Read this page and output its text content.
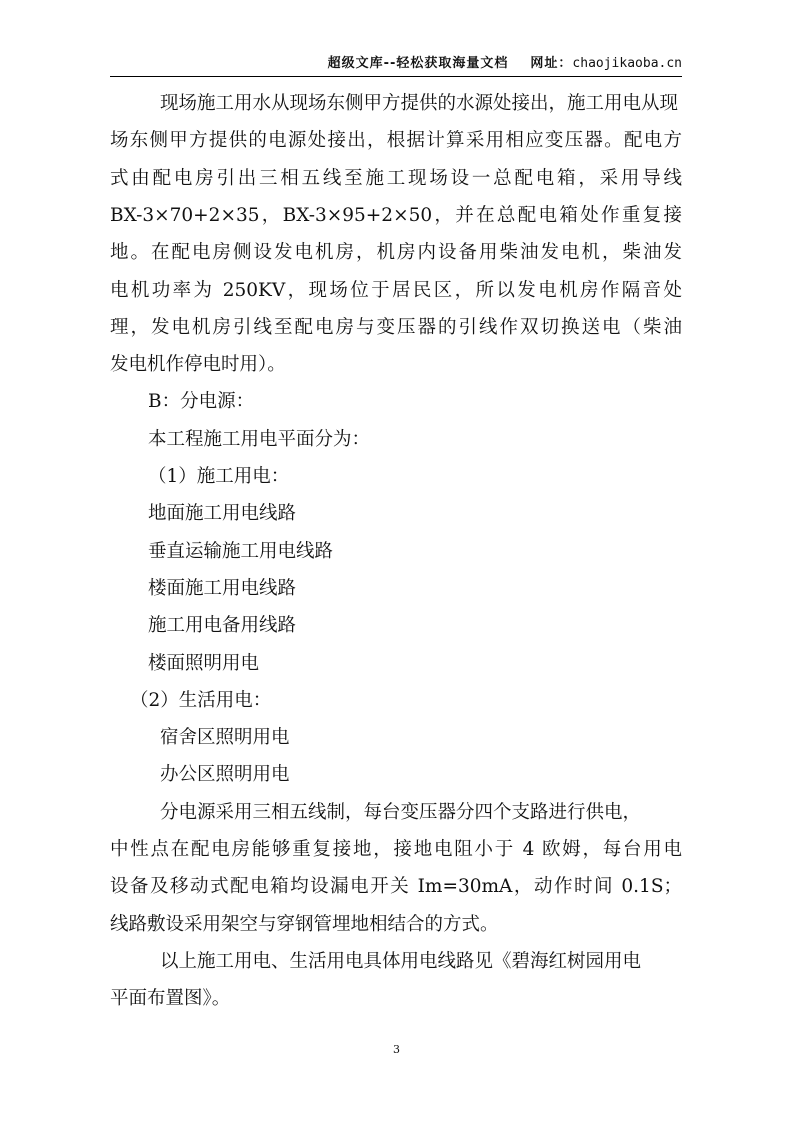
超级文库--轻松获取海量文档 网址：chaojikaoba.cn
现场施工用水从现场东侧甲方提供的水源处接出，施工用电从现
场东侧甲方提供的电源处接出，根据计算采用相应变压器。配电方
式由配电房引出三相五线至施工现场设一总配电箱，采用导线
BX-3×70+2×35，BX-3×95+2×50，并在总配电箱处作重复接
地。在配电房侧设发电机房，机房内设备用柴油发电机，柴油发
电机功率为 250KV，现场位于居民区，所以发电机房作隔音处
理，发电机房引线至配电房与变压器的引线作双切换送电（柴油
发电机作停电时用）。
B：分电源：
本工程施工用电平面分为：
（1）施工用电：
地面施工用电线路
垂直运输施工用电线路
楼面施工用电线路
施工用电备用线路
楼面照明用电
（2）生活用电：
宿舍区照明用电
办公区照明用电
分电源采用三相五线制，每台变压器分四个支路进行供电，
中性点在配电房能够重复接地，接地电阻小于 4 欧姆，每台用电
设备及移动式配电箱均设漏电开关 Im=30mA，动作时间 0.1S；
线路敷设采用架空与穿钢管埋地相结合的方式。
以上施工用电、生活用电具体用电线路见《碧海红树园用电
平面布置图》。
3
